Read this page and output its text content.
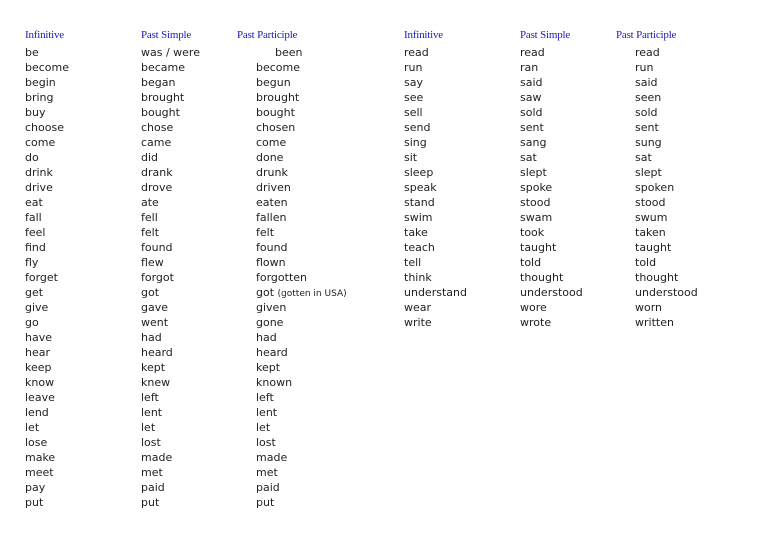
Infinitive	Past Simple	Past Participle
be	was / were	been
become	became	become
begin	began	begun
bring	brought	brought
buy	bought	bought
choose	chose	chosen
come	came	come
do	did	done
drink	drank	drunk
drive	drove	driven
eat	ate	eaten
fall	fell	fallen
feel	felt	felt
find	found	found
fly	flew	flown
forget	forgot	forgotten
get	got	got (gotten in USA)
give	gave	given
go	went	gone
have	had	had
hear	heard	heard
keep	kept	kept
know	knew	known
leave	left	left
lend	lent	lent
let	let	let
lose	lost	lost
make	made	made
meet	met	met
pay	paid	paid
put	put	put
Infinitive	Past Simple	Past Participle
read	read	read
run	ran	run
say	said	said
see	saw	seen
sell	sold	sold
send	sent	sent
sing	sang	sung
sit	sat	sat
sleep	slept	slept
speak	spoke	spoken
stand	stood	stood
swim	swam	swum
take	took	taken
teach	taught	taught
tell	told	told
think	thought	thought
understand	understood	understood
wear	wore	worn
write	wrote	written
